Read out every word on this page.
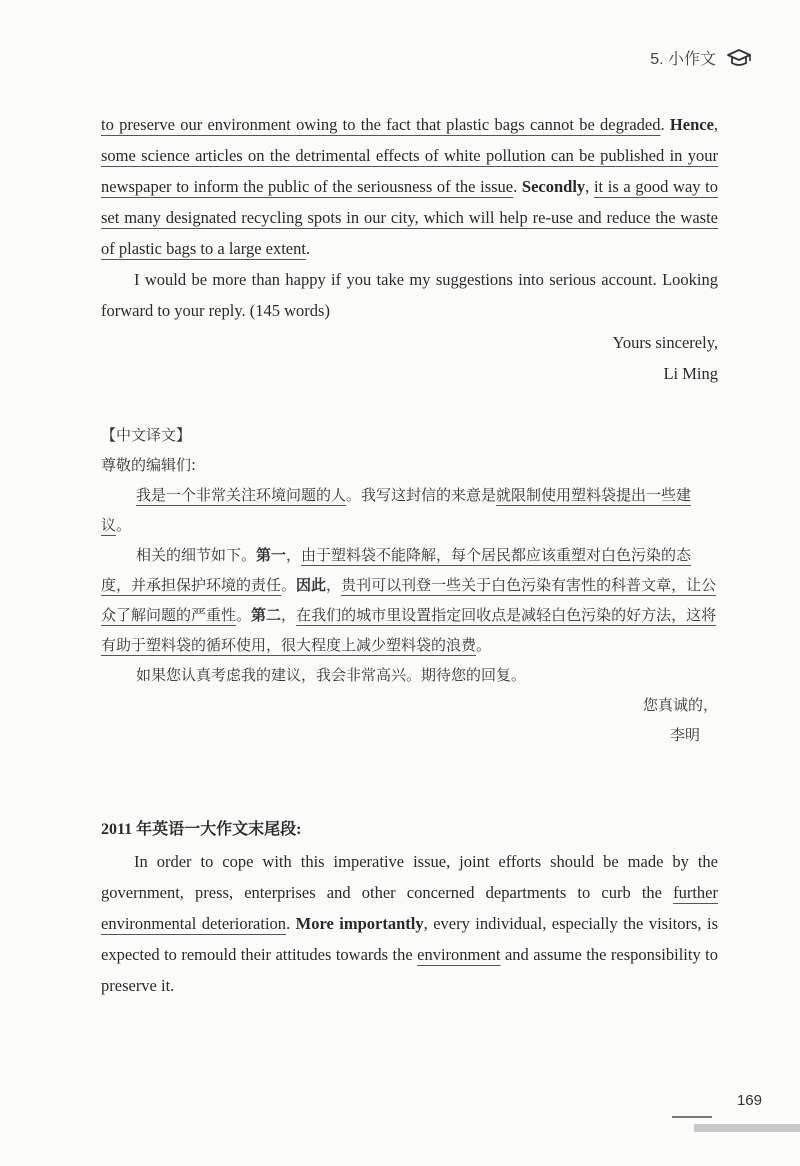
5. 小作文

to preserve our environment owing to the fact that plastic bags cannot be degraded. Hence, some science articles on the detrimental effects of white pollution can be published in your newspaper to inform the public of the seriousness of the issue. Secondly, it is a good way to set many designated recycling spots in our city, which will help re-use and reduce the waste of plastic bags to a large extent.

I would be more than happy if you take my suggestions into serious account. Looking forward to your reply. (145 words)

Yours sincerely,

Li Ming

【中文译文】

尊敬的编辑们:

我是一个非常关注环境问题的人。我写这封信的来意是就限制使用塑料袋提出一些建议。

相关的细节如下。第一，由于塑料袋不能降解，每个居民都应该重塑对白色污染的态度，并承担保护环境的责任。因此，贵刊可以刊登一些关于白色污染有害性的科普文章，让公众了解问题的严重性。第二，在我们的城市里设置指定回收点是减轻白色污染的好方法，这将有助于塑料袋的循环使用，很大程度上减少塑料袋的浪费。

如果您认真考虑我的建议，我会非常高兴。期待您的回复。

您真诚的，

李明

2011 年英语一大作文末尾段:

In order to cope with this imperative issue, joint efforts should be made by the government, press, enterprises and other concerned departments to curb the further environmental deterioration. More importantly, every individual, especially the visitors, is expected to remould their attitudes towards the environment and assume the responsibility to preserve it.

169
